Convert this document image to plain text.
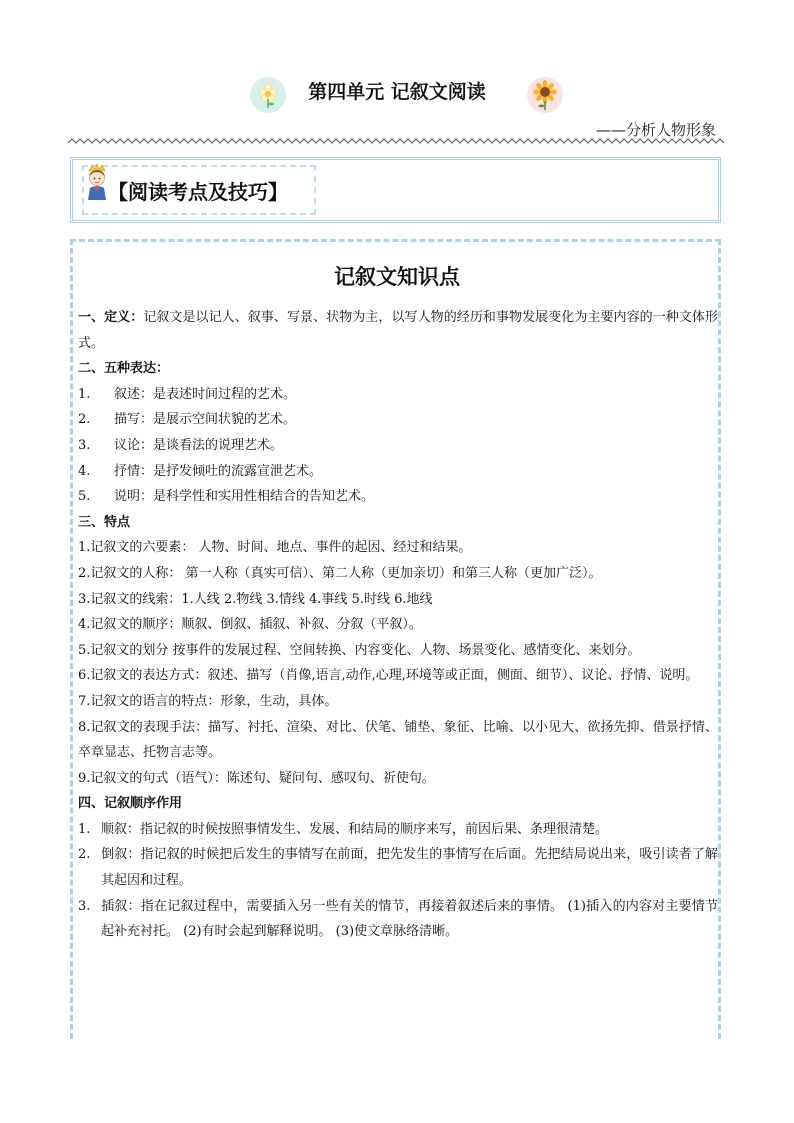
第四单元 记叙文阅读
——分析人物形象
【阅读考点及技巧】
记叙文知识点

一、定义：记叙文是以记人、叙事、写景、状物为主，以写人物的经历和事物发展变化为主要内容的一种文体形式。

二、五种表达：

1. 叙述：是表述时间过程的艺术。

2. 描写：是展示空间状貌的艺术。

3. 议论：是谈看法的说理艺术。

4. 抒情：是抒发倾吐的流露宣泄艺术。

5. 说明：是科学性和实用性相结合的告知艺术。

三、特点

1.记叙文的六要素： 人物、时间、地点、事件的起因、经过和结果。

2.记叙文的人称： 第一人称（真实可信）、第二人称（更加亲切）和第三人称（更加广泛）。

3.记叙文的线索：1.人线 2.物线 3.情线 4.事线 5.时线 6.地线

4.记叙文的顺序：顺叙、倒叙、插叙、补叙、分叙（平叙）。

5.记叙文的划分 按事件的发展过程、空间转换、内容变化、人物、场景变化、感情变化、来划分。

6.记叙文的表达方式：叙述、描写（肖像,语言,动作,心理,环境等或正面，侧面、细节）、议论、抒情、说明。

7.记叙文的语言的特点：形象，生动，具体。

8.记叙文的表现手法：描写、衬托、渲染、对比、伏笔、铺垫、象征、比喻、以小见大、欲扬先抑、借景抒情、卒章显志、托物言志等。

9.记叙文的句式（语气）：陈述句、疑问句、感叹句、祈使句。

四、记叙顺序作用

1. 顺叙：指记叙的时候按照事情发生、发展、和结局的顺序来写，前因后果、条理很清楚。

2. 倒叙：指记叙的时候把后发生的事情写在前面，把先发生的事情写在后面。先把结局说出来，吸引读者了解其起因和过程。

3. 插叙：指在记叙过程中，需要插入另一些有关的情节，再接着叙述后来的事情。 (1)插入的内容对主要情节起补充衬托。 (2)有时会起到解释说明。 (3)使文章脉络清晰。
